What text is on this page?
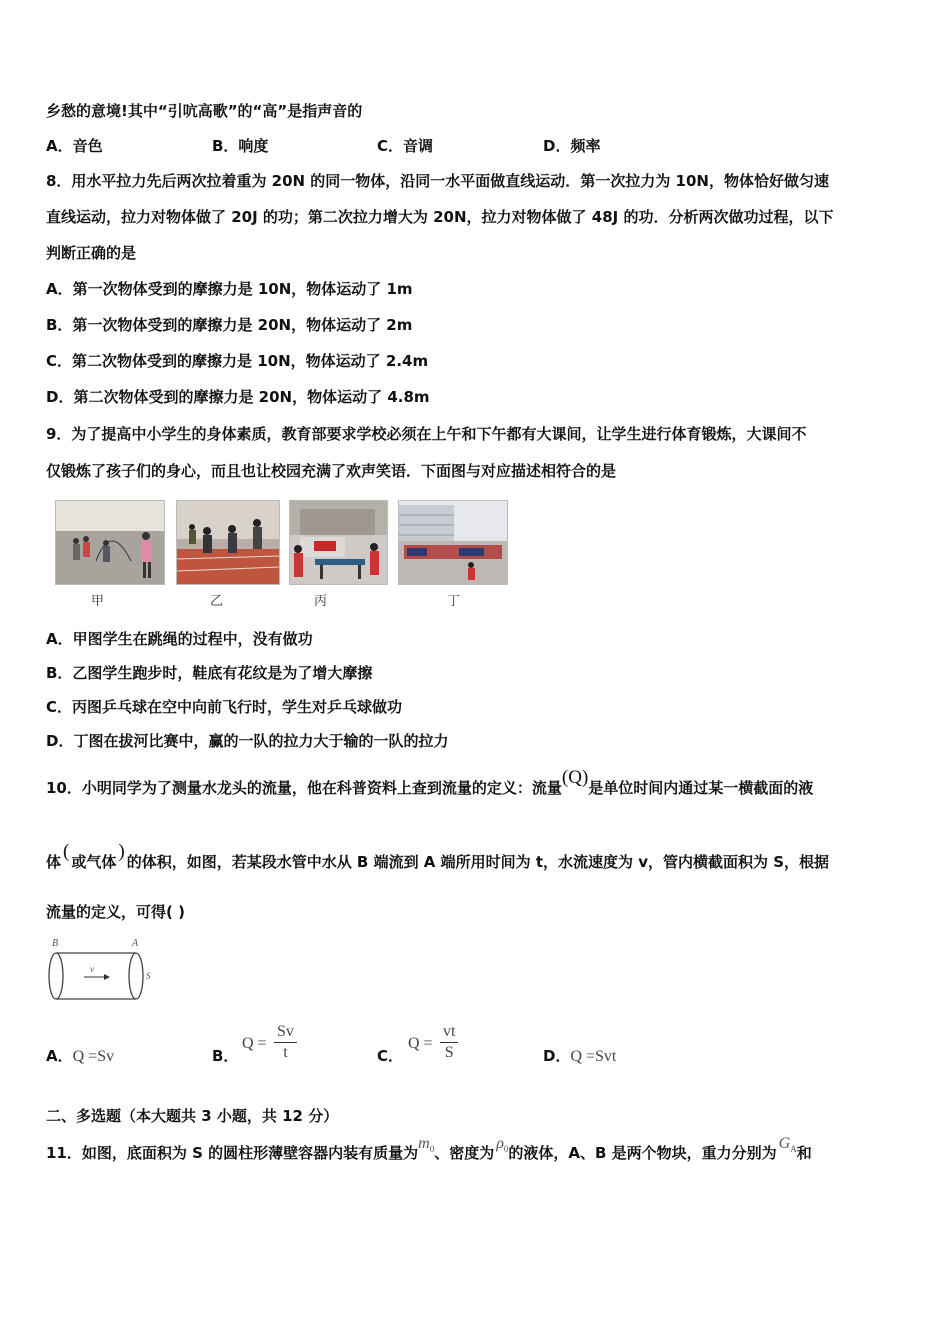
乡愁的意境!其中“引吭高歌”的“高”是指声音的
A．音色	B．响度	C．音调	D．频率
8．用水平拉力先后两次拉着重为 20N 的同一物体，沿同一水平面做直线运动．第一次拉力为 10N，物体恰好做匀速
直线运动，拉力对物体做了 20J 的功；第二次拉力增大为 20N，拉力对物体做了 48J 的功．分析两次做功过程，以下
判断正确的是
A．第一次物体受到的摩擦力是 10N，物体运动了 1m
B．第一次物体受到的摩擦力是 20N，物体运动了 2m
C．第二次物体受到的摩擦力是 10N，物体运动了 2.4m
D．第二次物体受到的摩擦力是 20N，物体运动了 4.8m
9．为了提高中小学生的身体素质，教育部要求学校必须在上午和下午都有大课间，让学生进行体育锻炼，大课间不
仅锻炼了孩子们的身心，而且也让校园充满了欢声笑语．下面图与对应描述相符合的是
甲	乙	丙	丁
A．甲图学生在跳绳的过程中，没有做功
B．乙图学生跑步时，鞋底有花纹是为了增大摩擦
C．丙图乒乓球在空中向前飞行时，学生对乒乓球做功
D．丁图在拔河比赛中，赢的一队的拉力大于输的一队的拉力
10．小明同学为了测量水龙头的流量，他在科普资料上查到流量的定义：流量(Q)是单位时间内通过某一横截面的液
体 ( 或气体 ) 的体积，如图，若某段水管中水从 B 端流到 A 端所用时间为 t，水流速度为 v，管内横截面积为 S，根据
流量的定义，可得( )
B	A
v
S
A．Q =Sv	B．
$Q = \frac{Sv}{t}$	C．
$Q = \frac{vt}{S}$	D．Q =Svt
二、多选题（本大题共 3 小题，共 12 分）
11．如图，底面积为 S 的圆柱形薄壁容器内装有质量为$m^0$、密度为$\rho^0$的液体，A、B 是两个物块，重力分别为$G^A$和
